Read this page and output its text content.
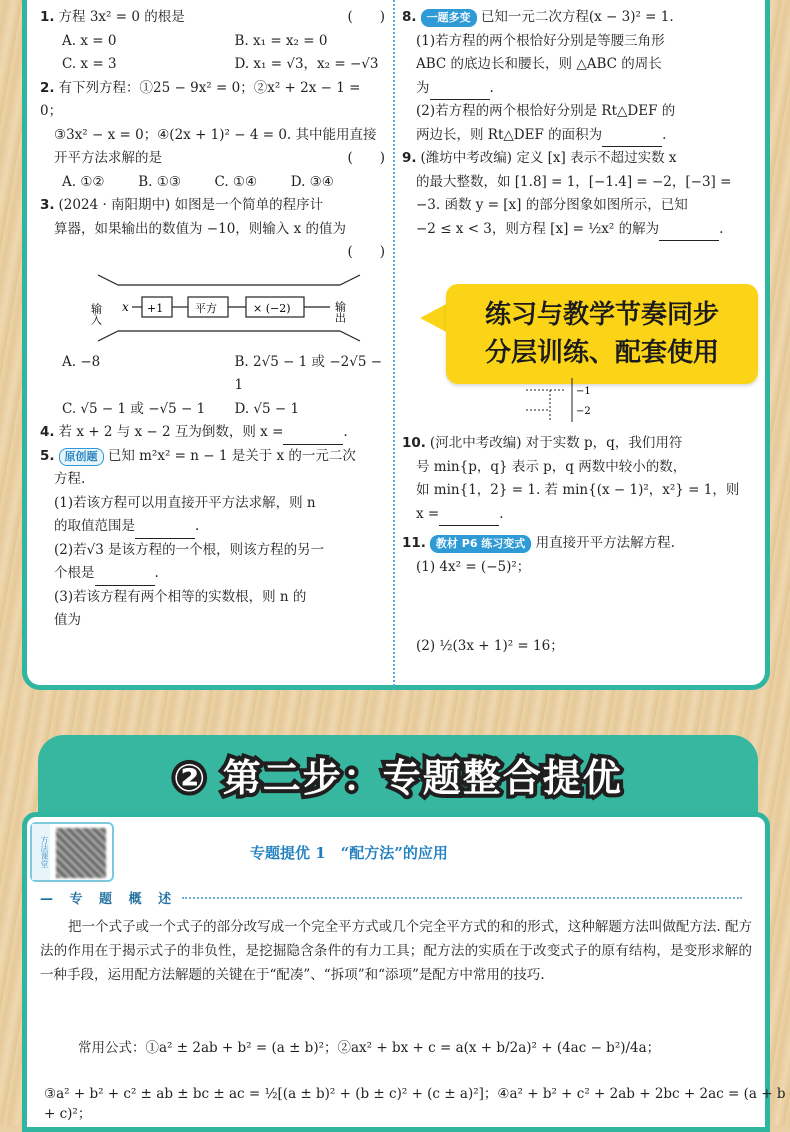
(　　)
1. 方程 3x² = 0 的根是
A. x = 0	B. x₁ = x₂ = 0
C. x = 3	D. x₁ = √3，x₂ = −√3
2. 有下列方程：①25 − 9x² = 0；②x² + 2x − 1 = 0；
③3x² − x = 0；④(2x + 1)² − 4 = 0. 其中能用直接
(　　)
开平方法求解的是
A. ①②	B. ①③	C. ①④	D. ③④
3. (2024 · 南阳期中) 如图是一个简单的程序计
算器，如果输出的数值为 −10，则输入 x 的值为
(　　)
输入 x +1	平方	× (−2)	输出
A. −8	B. 2√5 − 1 或 −2√5 − 1
C. √5 − 1 或 −√5 − 1	D. √5 − 1
4. 若 x + 2 与 x − 2 互为倒数，则 x =	.
5. 原创题 已知 m²x² = n − 1 是关于 x 的一元二次
方程.
(1)若该方程可以用直接开平方法求解，则 n
的取值范围是	.
(2)若√3 是该方程的一个根，则该方程的另一
个根是	.
(3)若该方程有两个相等的实数根，则 n 的
值为
8. 一题多变 已知一元二次方程(x − 3)² = 1.
(1)若方程的两个根恰好分别是等腰三角形
ABC 的底边长和腰长，则 △ABC 的周长
为	.
(2)若方程的两个根恰好分别是 Rt△DEF 的
两边长，则 Rt△DEF 的面积为	.
9. (潍坊中考改编) 定义 [x] 表示不超过实数 x
的最大整数，如 [1.8] = 1，[−1.4] = −2，[−3] =
−3. 函数 y = [x] 的部分图象如图所示，已知
−2 ≤ x < 3，则方程 [x] = ½x² 的解为	.
练习与教学节奏同步
分层训练、配套使用
−1
−2
10. (河北中考改编) 对于实数 p，q，我们用符
号 min{p，q} 表示 p，q 两数中较小的数，
如 min{1，2} = 1. 若 min{(x − 1)²，x²} = 1，则
x =	.
11. 教材 P6 练习变式 用直接开平方法解方程.
(1) 4x² = (−5)²；
(2) ½(3x + 1)² = 16；
② 第二步：专题整合提优
方法课堂	专题提优 1　“配方法”的应用
— 专 题 概 述
把一个式子或一个式子的部分改写成一个完全平方式或几个完全平方式的和的形式，这种解题方法叫做配方法. 配方法的作用在于揭示式子的非负性，是挖掘隐含条件的有力工具；配方法的实质在于改变式子的原有结构，是变形求解的一种手段，运用配方法解题的关键在于“配凑”、“拆项”和“添项”是配方中常用的技巧.
常用公式：①a² ± 2ab + b² = (a ± b)²；②ax² + bx + c = a(x + b/2a)² + (4ac − b²)/4a；
③a² + b² + c² ± ab ± bc ± ac = ½[(a ± b)² + (b ± c)² + (c ± a)²]；④a² + b² + c² + 2ab + 2bc + 2ac = (a + b + c)²；
